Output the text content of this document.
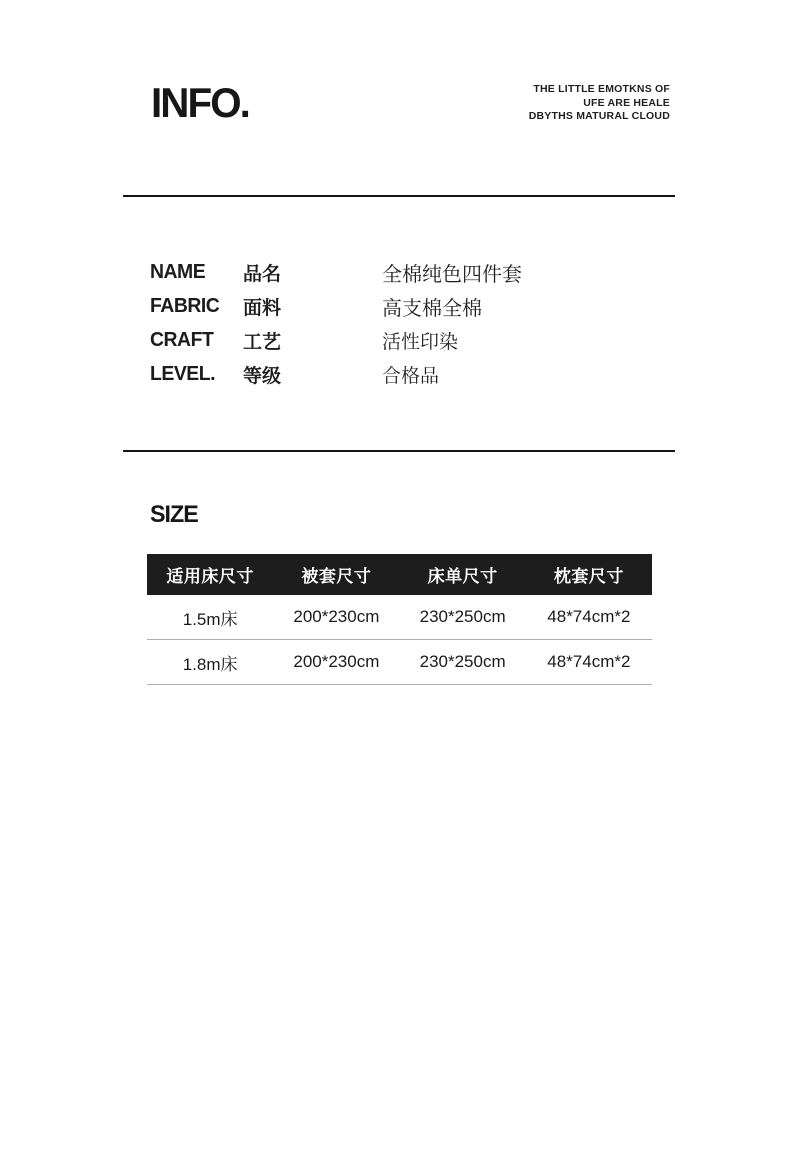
INFO.	THE LITTLE EMOTKNS OF
UFE ARE HEALE
DBYTHS MATURAL CLOUD
NAME	品名	全棉纯色四件套
FABRIC	面料	高支棉全棉
CRAFT	工艺	活性印染
LEVEL.	等级	合格品
SIZE
适用床尺寸	被套尺寸	床单尺寸	枕套尺寸
1.5m床	200*230cm	230*250cm	48*74cm*2
1.8m床	200*230cm	230*250cm	48*74cm*2
